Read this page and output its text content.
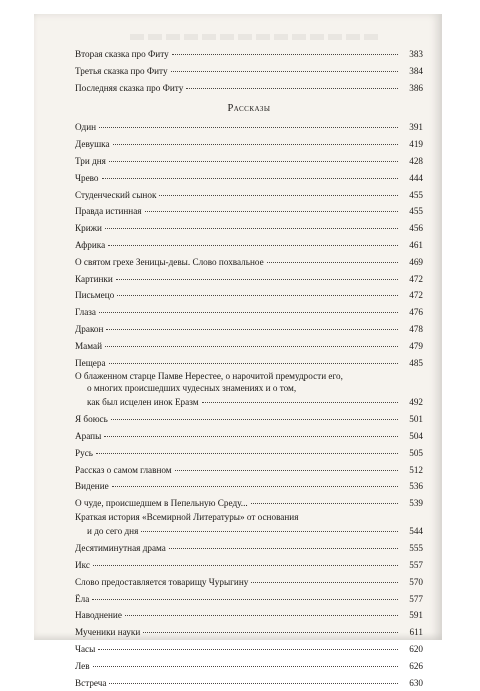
Вторая сказка про Фиту	383
Третья сказка про Фиту	384
Последняя сказка про Фиту	386
Рассказы
Один	391
Девушка	419
Три дня	428
Чрево	444
Студенческий сынок	455
Правда истинная	455
Крижи	456
Африка	461
О святом грехе Зеницы-девы. Слово похвальное	469
Картинки	472
Письмецо	472
Глаза	476
Дракон	478
Мамай	479
Пещера	485
О блаженном старце Памве Нерестее, о нарочитой премудрости его,
о многих происшедших чудесных знамениях и о том,
как был исцелен инок Еразм	492
Я боюсь	501
Арапы	504
Русь	505
Рассказ о самом главном	512
Видение	536
О чуде, происшедшем в Пепельную Среду...	539
Краткая история «Всемирной Литературы» от основания
и до сего дня	544
Десятиминутная драма	555
Икс	557
Слово предоставляется товарищу Чурыгину	570
Ёла	577
Наводнение	591
Мученики науки	611
Часы	620
Лев	626
Встреча	630
